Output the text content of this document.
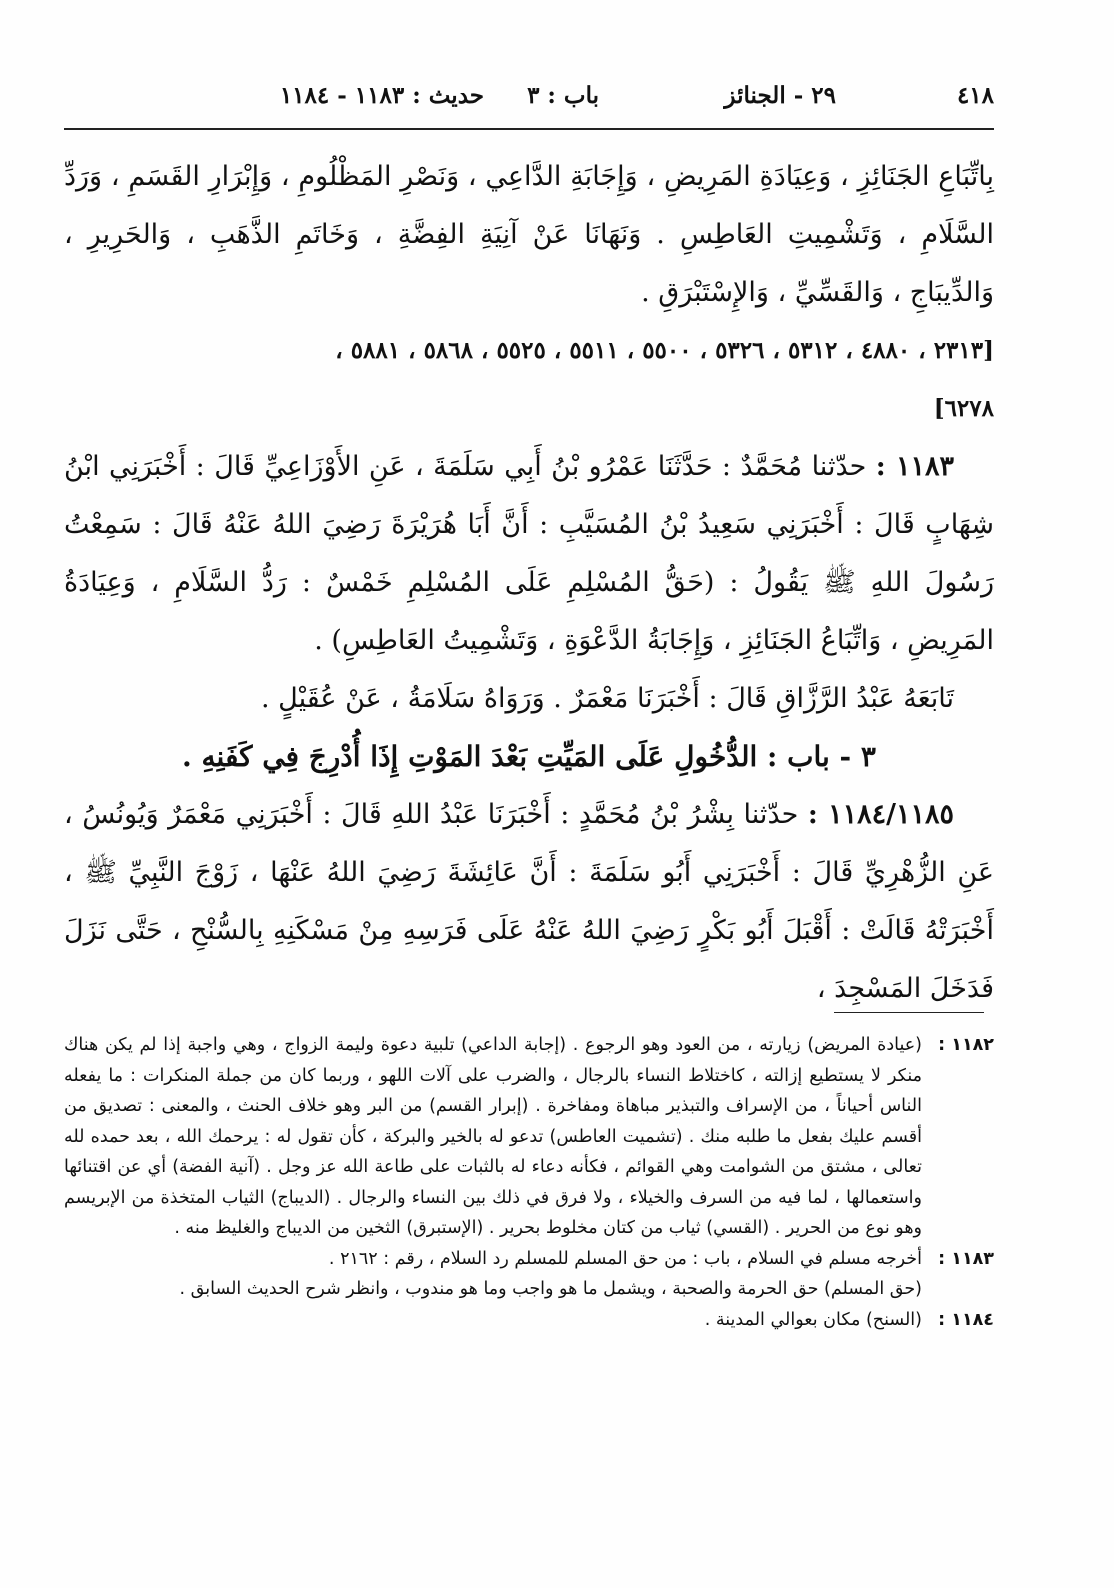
٤١٨
٢٩ - الجنائز
باب : ٣
حديث : ١١٨٣ - ١١٨٤

بِاتِّبَاعِ الجَنَائِزِ ، وَعِيَادَةِ المَرِيضِ ، وَإِجَابَةِ الدَّاعِي ، وَنَصْرِ المَظْلُومِ ، وَإِبْرَارِ القَسَمِ ، وَرَدِّ السَّلَامِ ، وَتَشْمِيتِ العَاطِسِ . وَنَهَانَا عَنْ آنِيَةِ الفِضَّةِ ، وَخَاتَمِ الذَّهَبِ ، وَالحَرِيرِ ، وَالدِّيبَاجِ ، وَالقَسِّيِّ ، وَالإِسْتَبْرَقِ .

[٢٣١٣ ، ٤٨٨٠ ، ٥٣١٢ ، ٥٣٢٦ ، ٥٥٠٠ ، ٥٥١١ ، ٥٥٢٥ ، ٥٨٦٨ ، ٥٨٨١ ،
٦٢٧٨]

١١٨٣ : حدّثنا مُحَمَّدٌ : حَدَّثَنَا عَمْرُو بْنُ أَبِي سَلَمَةَ ، عَنِ الأَوْزَاعِيِّ قَالَ : أَخْبَرَنِي ابْنُ شِهَابٍ قَالَ : أَخْبَرَنِي سَعِيدُ بْنُ المُسَيَّبِ : أَنَّ أَبَا هُرَيْرَةَ رَضِيَ اللهُ عَنْهُ قَالَ : سَمِعْتُ رَسُولَ اللهِ ﷺ يَقُولُ : (حَقُّ المُسْلِمِ عَلَى المُسْلِمِ خَمْسٌ : رَدُّ السَّلَامِ ، وَعِيَادَةُ المَرِيضِ ، وَاتِّبَاعُ الجَنَائِزِ ، وَإِجَابَةُ الدَّعْوَةِ ، وَتَشْمِيتُ العَاطِسِ) .

تَابَعَهُ عَبْدُ الرَّزَّاقِ قَالَ : أَخْبَرَنَا مَعْمَرٌ . وَرَوَاهُ سَلَامَةُ ، عَنْ عُقَيْلٍ .

٣ - باب : الدُّخُولِ عَلَى المَيِّتِ بَعْدَ المَوْتِ إِذَا أُدْرِجَ فِي كَفَنِهِ .

١١٨٤/١١٨٥ : حدّثنا بِشْرُ بْنُ مُحَمَّدٍ : أَخْبَرَنَا عَبْدُ اللهِ قَالَ : أَخْبَرَنِي مَعْمَرٌ وَيُونُسُ ، عَنِ الزُّهْرِيِّ قَالَ : أَخْبَرَنِي أَبُو سَلَمَةَ : أَنَّ عَائِشَةَ رَضِيَ اللهُ عَنْهَا ، زَوْجَ النَّبِيِّ ﷺ ، أَخْبَرَتْهُ قَالَتْ : أَقْبَلَ أَبُو بَكْرٍ رَضِيَ اللهُ عَنْهُ عَلَى فَرَسِهِ مِنْ مَسْكَنِهِ بِالسُّنْحِ ، حَتَّى نَزَلَ فَدَخَلَ المَسْجِدَ ،

١١٨٢ :
(عيادة المريض) زيارته ، من العود وهو الرجوع . (إجابة الداعي) تلبية دعوة وليمة الزواج ، وهي واجبة إذا لم يكن هناك منكر لا يستطيع إزالته ، كاختلاط النساء بالرجال ، والضرب على آلات اللهو ، وربما كان من جملة المنكرات : ما يفعله الناس أحياناً ، من الإسراف والتبذير مباهاة ومفاخرة . (إبرار القسم) من البر وهو خلاف الحنث ، والمعنى : تصديق من أقسم عليك بفعل ما طلبه منك . (تشميت العاطس) تدعو له بالخير والبركة ، كأن تقول له : يرحمك الله ، بعد حمده لله تعالى ، مشتق من الشوامت وهي القوائم ، فكأنه دعاء له بالثبات على طاعة الله عز وجل . (آنية الفضة) أي عن اقتنائها واستعمالها ، لما فيه من السرف والخيلاء ، ولا فرق في ذلك بين النساء والرجال . (الديباج) الثياب المتخذة من الإبريسم وهو نوع من الحرير . (القسي) ثياب من كتان مخلوط بحرير . (الإستبرق) الثخين من الديباج والغليظ منه .

١١٨٣ :
أخرجه مسلم في السلام ، باب : من حق المسلم للمسلم رد السلام ، رقم : ٢١٦٢ .

(حق المسلم) حق الحرمة والصحبة ، ويشمل ما هو واجب وما هو مندوب ، وانظر شرح الحديث السابق .

١١٨٤ :
(السنح) مكان بعوالي المدينة .
